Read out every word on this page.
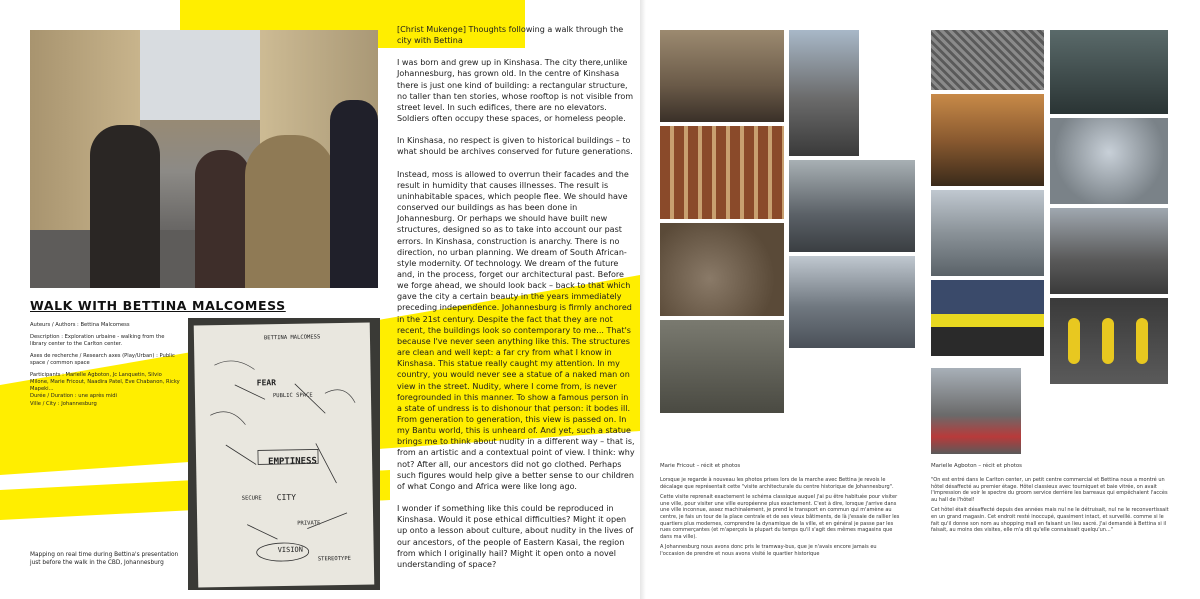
WALK WITH BETTINA MALCOMESS
Auteurs / Authors : Bettina Malcomess
Description : Exploration urbaine - walking from the library center to the Carlton center.
Axes de recherche / Research axes (Play/Urban) : Public space / common space
Participants : Marielle Agboton, Jc Lanquetin, Silvio Milone, Marie Fricout, Naadira Patel, Eve Chabanon, Ricky Mapeki...
Durée / Duration : une après midi
Ville / City : Johannesburg
BETTINA MALCOMESS
FEAR
PUBLIC SPACE
EMPTINESS
SECURE CITY
PRIVATE
VISION
STEREOTYPE
Mapping on real time during Bettina's presentation just before the walk in the CBD, Johannesburg

[Christ Mukenge] Thoughts following a walk through the city with Bettina

I was born and grew up in Kinshasa. The city there,unlike Johannesburg, has grown old. In the centre of Kinshasa there is just one kind of building: a rectangular structure, no taller than ten stories, whose rooftop is not visible from street level. In such edifices, there are no elevators. Soldiers often occupy these spaces, or homeless people.

In Kinshasa, no respect is given to historical buildings – to what should be archives conserved for future generations.

Instead, moss is allowed to overrun their facades and the result in humidity that causes illnesses. The result is uninhabitable spaces, which people flee. We should have conserved our buildings as has been done in Johannesburg. Or perhaps we should have built new structures, designed so as to take into account our past errors. In Kinshasa, construction is anarchy. There is no direction, no urban planning. We dream of South African-style modernity. Of technology. We dream of the future and, in the process, forget our architectural past. Before we forge ahead, we should look back – back to that which gave the city a certain beauty in the years immediately preceding independence. Johannesburg is firmly anchored in the 21st century. Despite the fact that they are not recent, the buildings look so contemporary to me... That's because I've never seen anything like this. The structures are clean and well kept: a far cry from what I know in Kinshasa. This statue really caught my attention. In my country, you would never see a statue of a naked man on view in the street. Nudity, where I come from, is never foregrounded in this manner. To show a famous person in a state of undress is to dishonour that person: it bodes ill. From generation to generation, this view is passed on. In my Bantu world, this is unheard of. And yet, such a statue brings me to think about nudity in a different way – that is, from an artistic and a contextual point of view. I think: why not? After all, our ancestors did not go clothed. Perhaps such figures would help give a better sense to our children of what Congo and Africa were like long ago.

I wonder if something like this could be reproduced in Kinshasa. Would it pose ethical difficulties? Might it open up onto a lesson about culture, about nudity in the lives of our ancestors, of the people of Eastern Kasai, the region from which I originally hail? Might it open onto a novel understanding of space?

Marie Fricout – récit et photos

Lorsque je regarde à nouveau les photos prises lors de la marche avec Bettina je revois le décalage que représentait cette "visite architecturale du centre historique de Johannesburg".

Cette visite reprenait exactement le schéma classique auquel j'ai pu être habituée pour visiter une ville, pour visiter une ville européenne plus exactement. C'est à dire, lorsque j'arrive dans une ville inconnue, assez machinalement, je prend le transport en commun qui m'amène au centre, je fais un tour de la place centrale et de ses vieux bâtiments, de là j'essaie de rallier les quartiers plus modernes, comprendre la dynamique de la ville, et en général je passe par les rues commerçantes (et m'aperçois la plupart du temps qu'il s'agit des mêmes magasins que dans ma ville).

A Johannesburg nous avons donc pris le tramway-bus, que je n'avais encore jamais eu l'occasion de prendre et nous avons visité le quartier historique

Marielle Agboton – récit et photos

"On est entré dans le Carlton center, un petit centre commercial et Bettina nous a montré un hôtel désaffecté au premier étage. Hôtel classieux avec tourniquet et baie vitrée, on avait l'impression de voir le spectre du groom service derrière les barreaux qui empêchaient l'accès au hall de l'hôtel!

Cet hôtel était désaffecté depuis des années mais nul ne le détruisait, nul ne le reconvertissait en un grand magasin. Cet endroit resté inoccupé, quasiment intact, et surveillé. comme si le fait qu'il donne son nom au shopping mall en faisant un lieu sacré. J'ai demandé à Bettina si il faisait, au moins des visites, elle m'a dit qu'elle connaissait quelqu'un..."
